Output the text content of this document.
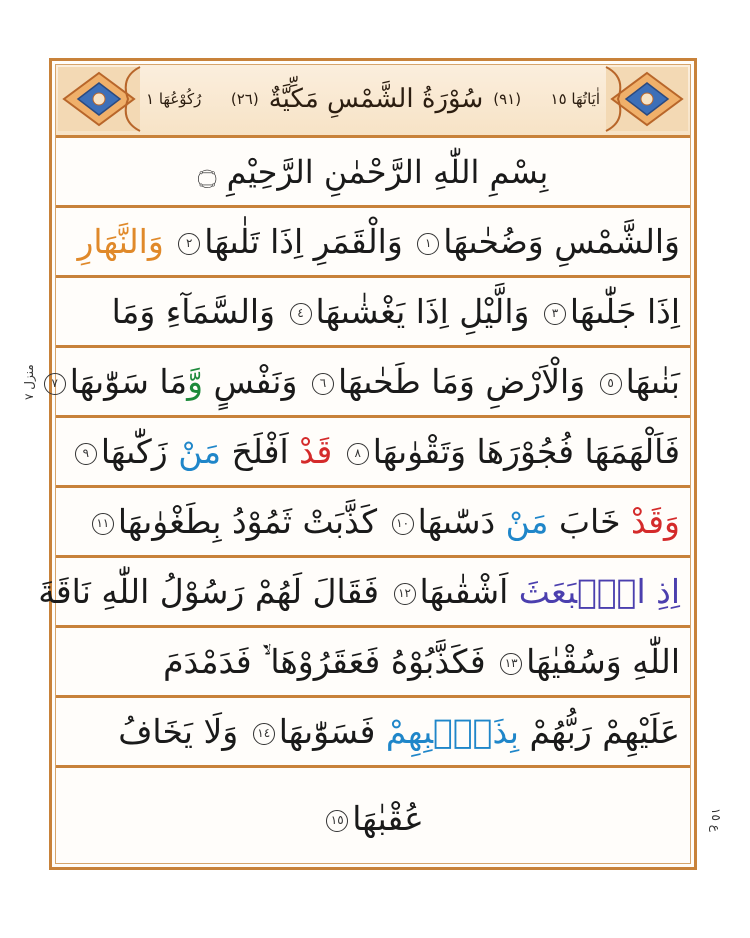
اٰيَاتُهَا ١٥
(٩١)
سُوْرَةُ الشَّمْسِ مَكِّيَّةٌ
(٢٦)
رُكُوْعُهَا ١
بِسْمِ اللّٰهِ الرَّحْمٰنِ الرَّحِيْمِ ۝
وَالشَّمْسِ وَضُحٰىهَا١ وَالْقَمَرِ اِذَا تَلٰىهَا٢ وَالنَّهَارِ
اِذَا جَلّٰىهَا٣ وَالَّيْلِ اِذَا يَغْشٰىهَا٤ وَالسَّمَآءِ وَمَا
بَنٰىهَا٥ وَالْاَرْضِ وَمَا طَحٰىهَا٦ وَنَفْسٍ وَّمَا سَوّٰىهَا٧
فَاَلْهَمَهَا فُجُوْرَهَا وَتَقْوٰىهَا٨ قَدْ اَفْلَحَ مَنْ زَكّٰىهَا٩
وَقَدْ خَابَ مَنْ دَسّٰىهَا١٠ كَذَّبَتْ ثَمُوْدُ بِطَغْوٰىهَا١١
اِذِ انْۢبَعَثَ اَشْقٰىهَا١٢ فَقَالَ لَهُمْ رَسُوْلُ اللّٰهِ نَاقَةَ
اللّٰهِ وَسُقْيٰهَا١٣ فَكَذَّبُوْهُ فَعَقَرُوْهَا ۙ۬ فَدَمْدَمَ
عَلَيْهِمْ رَبُّهُمْ بِذَنْۢبِهِمْ فَسَوّٰىهَا١٤ وَلَا يَخَافُ
عُقْبٰهَا١٥
منزل ٧
ع ١٥
